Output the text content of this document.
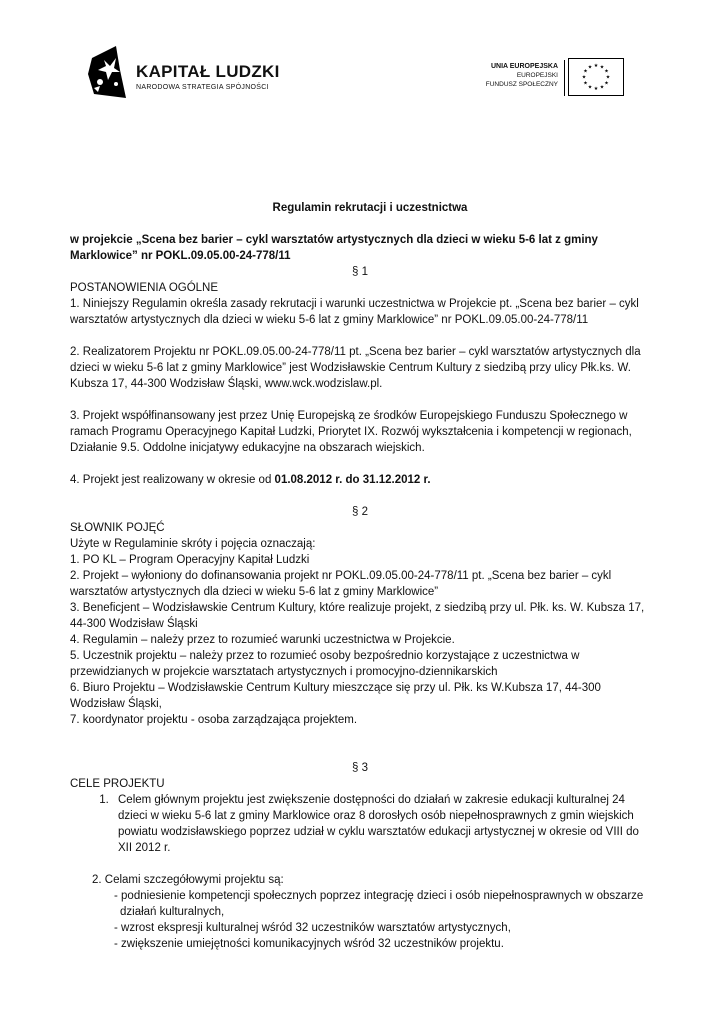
KAPITAŁ LUDZKI
NARODOWA STRATEGIA SPÓJNOŚCI
UNIA EUROPEJSKA
EUROPEJSKI
FUNDUSZ SPOŁECZNY
★ ★
★
★
★
★
★
★
★
★
★
★

Regulamin rekrutacji i uczestnictwa

w projekcie „Scena bez barier – cykl warsztatów artystycznych dla dzieci w wieku 5-6 lat z gminy Marklowice” nr POKL.09.05.00-24-778/11

§ 1

POSTANOWIENIA OGÓLNE

1. Niniejszy Regulamin określa zasady rekrutacji i warunki uczestnictwa w Projekcie pt. „Scena bez barier – cykl warsztatów artystycznych dla dzieci w wieku 5-6 lat z gminy Marklowice” nr POKL.09.05.00-24-778/11

2. Realizatorem Projektu nr POKL.09.05.00-24-778/11 pt. „Scena bez barier – cykl warsztatów artystycznych dla dzieci w wieku 5-6 lat z gminy Marklowice” jest Wodzisławskie Centrum Kultury z siedzibą przy ulicy Płk.ks. W. Kubsza 17, 44-300 Wodzisław Śląski, www.wck.wodzislaw.pl.

3. Projekt współfinansowany jest przez Unię Europejską ze środków Europejskiego Funduszu Społecznego w ramach Programu Operacyjnego Kapitał Ludzki, Priorytet IX. Rozwój wykształcenia i kompetencji w regionach, Działanie 9.5. Oddolne inicjatywy edukacyjne na obszarach wiejskich.

4. Projekt jest realizowany w okresie od 01.08.2012 r. do 31.12.2012 r.

§ 2

SŁOWNIK POJĘĆ

Użyte w Regulaminie skróty i pojęcia oznaczają:

1. PO KL – Program Operacyjny Kapitał Ludzki

2. Projekt – wyłoniony do dofinansowania projekt nr POKL.09.05.00-24-778/11 pt. „Scena bez barier – cykl warsztatów artystycznych dla dzieci w wieku 5-6 lat z gminy Marklowice”

3. Beneficjent – Wodzisławskie Centrum Kultury, które realizuje projekt, z siedzibą przy ul. Płk. ks. W. Kubsza 17, 44-300 Wodzisław Śląski

4. Regulamin – należy przez to rozumieć warunki uczestnictwa w Projekcie.

5. Uczestnik projektu – należy przez to rozumieć osoby bezpośrednio korzystające z uczestnictwa w przewidzianych w projekcie warsztatach artystycznych i promocyjno-dziennikarskich

6. Biuro Projektu – Wodzisławskie Centrum Kultury mieszczące się przy ul. Płk. ks W.Kubsza 17, 44-300 Wodzisław Śląski,

7. koordynator projektu - osoba zarządzająca projektem.

§ 3

CELE PROJEKTU

1. Celem głównym projektu jest zwiększenie dostępności do działań w zakresie edukacji kulturalnej 24 dzieci w wieku 5-6 lat z gminy Marklowice oraz 8 dorosłych osób niepełnosprawnych z gmin wiejskich powiatu wodzisławskiego poprzez udział w cyklu warsztatów edukacji artystycznej w okresie od VIII do XII 2012 r.

2. Celami szczegółowymi projektu są:

- podniesienie kompetencji społecznych poprzez integrację dzieci i osób niepełnosprawnych w obszarze działań kulturalnych,

- wzrost ekspresji kulturalnej wśród 32 uczestników warsztatów artystycznych,

- zwiększenie umiejętności komunikacyjnych wśród 32 uczestników projektu.
